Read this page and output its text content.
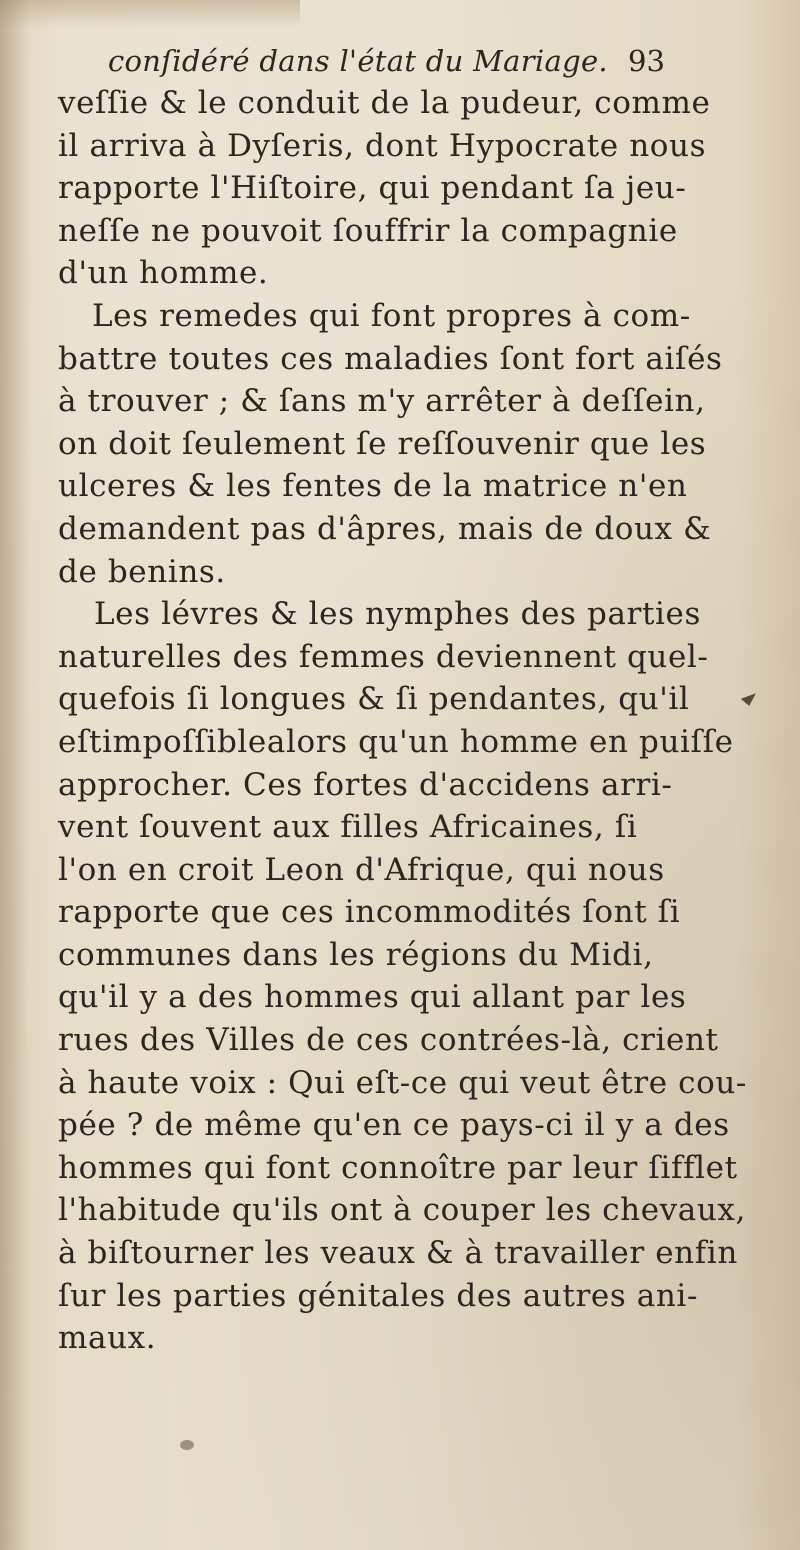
conſidéré dans l'état du Mariage. 93
veſſie & le conduit de la pudeur, comme
il arriva à Dyſeris, dont Hypocrate nous
rapporte l'Hiſtoire, qui pendant ſa jeu-
neſſe ne pouvoit ſouffrir la compagnie
d'un homme.
Les remedes qui font propres à com-
battre toutes ces maladies ſont fort aiſés
à trouver ; & ſans m'y arrêter à deſſein,
on doit ſeulement ſe reſſouvenir que les
ulceres & les fentes de la matrice n'en
demandent pas d'âpres, mais de doux &
de benins.
Les lévres & les nymphes des parties
naturelles des femmes deviennent quel-
quefois ſi longues & ſi pendantes, qu'il
eſtimpoſſiblealors qu'un homme en puiſſe
approcher. Ces fortes d'accidens arri-
vent ſouvent aux filles Africaines, ſi
l'on en croit Leon d'Afrique, qui nous
rapporte que ces incommodités ſont ſi
communes dans les régions du Midi,
qu'il y a des hommes qui allant par les
rues des Villes de ces contrées-là, crient
à haute voix : Qui eſt-ce qui veut être cou-
pée ? de même qu'en ce pays-ci il y a des
hommes qui font connoître par leur ſifflet
l'habitude qu'ils ont à couper les chevaux,
à biſtourner les veaux & à travailler enfin
ſur les parties génitales des autres ani-
maux.
